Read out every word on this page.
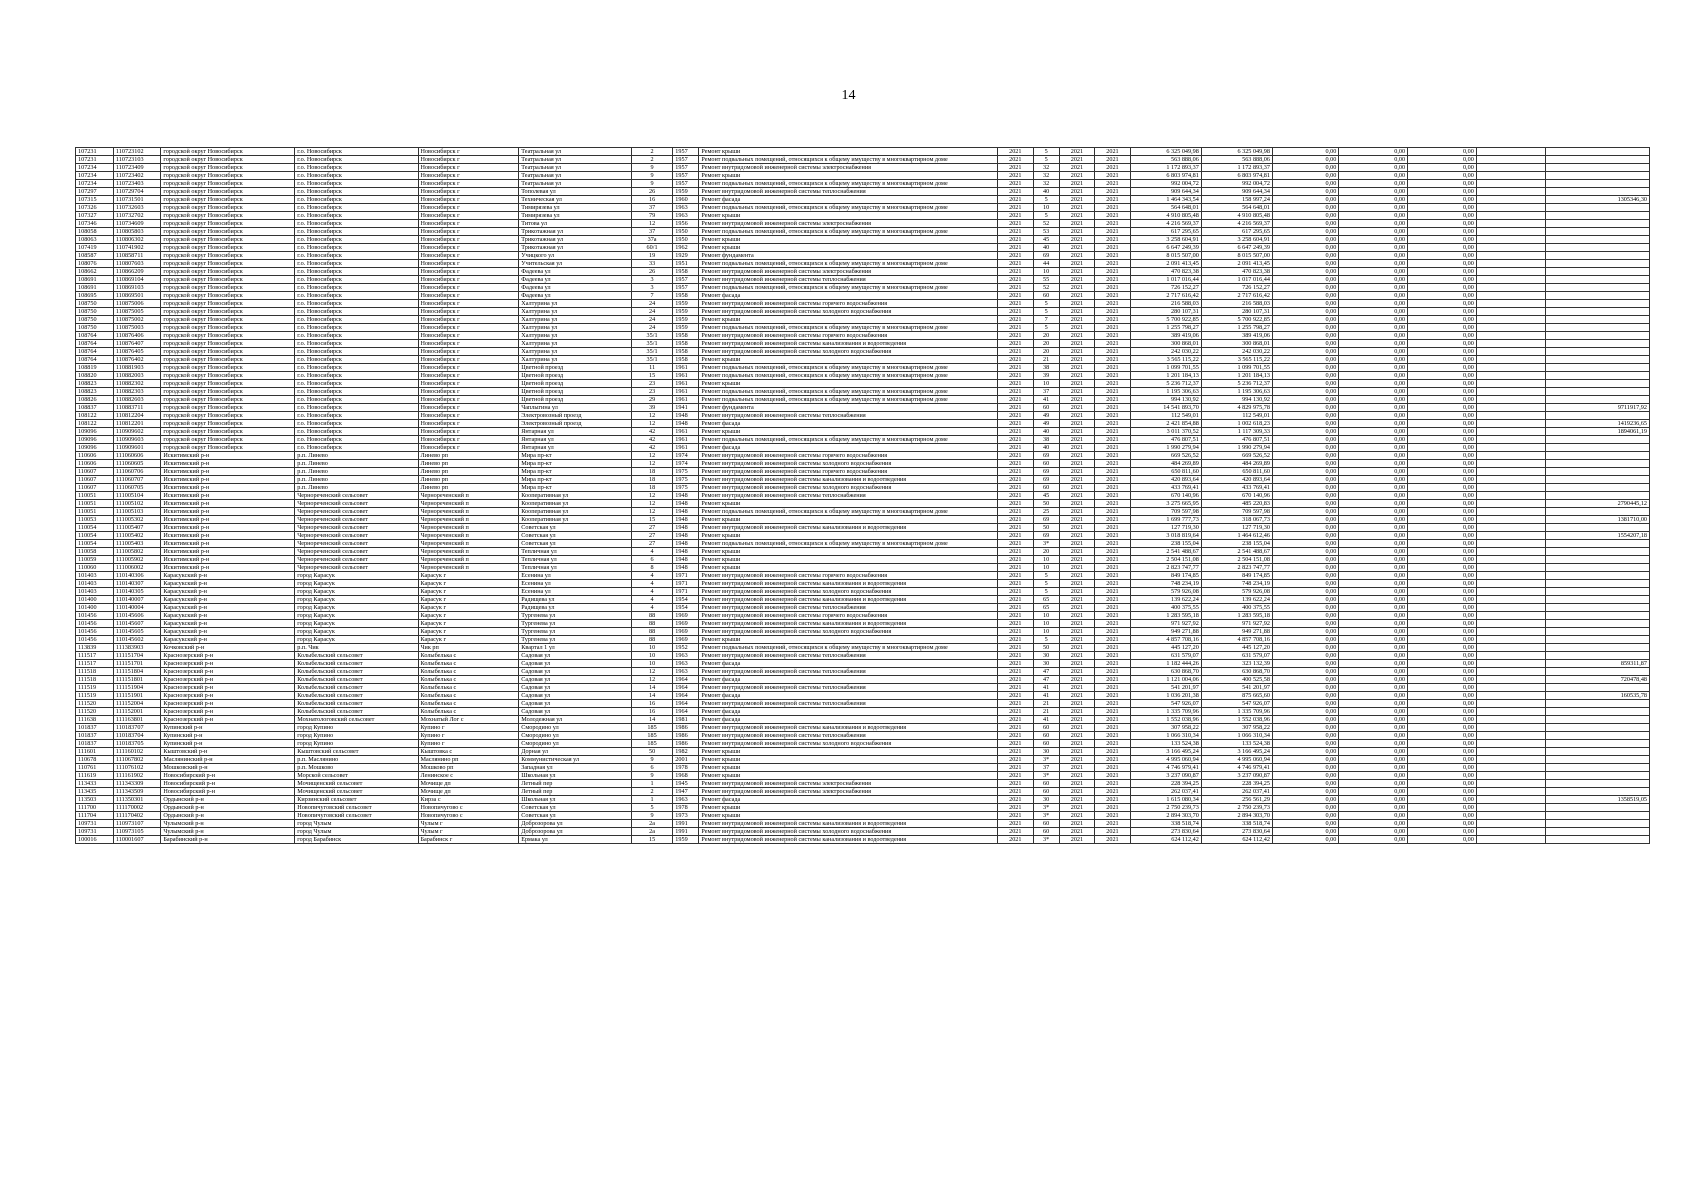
14
107231	110723102	городской округ Новосибирск	г.о. Новосибирск	Новосибирск г	Театральная ул	2	1957	Ремонт крыши	2021	5	2021	2021	6 325 049,98	6 325 049,98	0,00	0,00	0,00		
107231	110723103	городской округ Новосибирск	г.о. Новосибирск	Новосибирск г	Театральная ул	2	1957	Ремонт подвальных помещений, относящихся к общему имуществу в многоквартирном доме	2021	5	2021	2021	563 888,06	563 888,06	0,00	0,00	0,00		
107234	110723409	городской округ Новосибирск	г.о. Новосибирск	Новосибирск г	Театральная ул	9	1957	Ремонт внутридомовой инженерной системы электроснабжения	2021	32	2021	2021	1 172 893,37	1 172 893,37	0,00	0,00	0,00		
107234	110723402	городской округ Новосибирск	г.о. Новосибирск	Новосибирск г	Театральная ул	9	1957	Ремонт крыши	2021	32	2021	2021	6 803 974,81	6 803 974,81	0,00	0,00	0,00		
107234	110723403	городской округ Новосибирск	г.о. Новосибирск	Новосибирск г	Театральная ул	9	1957	Ремонт подвальных помещений, относящихся к общему имуществу в многоквартирном доме	2021	32	2021	2021	992 004,72	992 004,72	0,00	0,00	0,00		
107297	110729704	городской округ Новосибирск	г.о. Новосибирск	Новосибирск г	Тополевая ул	26	1959	Ремонт внутридомовой инженерной системы теплоснабжения	2021	40	2021	2021	909 644,34	909 644,34	0,00	0,00	0,00		
107315	110731501	городской округ Новосибирск	г.о. Новосибирск	Новосибирск г	Техническая ул	16	1960	Ремонт фасада	2021	5	2021	2021	1 464 343,54	158 997,24	0,00	0,00	0,00		1305346,30
107326	110732603	городской округ Новосибирск	г.о. Новосибирск	Новосибирск г	Тимирязева ул	37	1963	Ремонт подвальных помещений, относящихся к общему имуществу в многоквартирном доме	2021	10	2021	2021	564 648,01	564 648,01	0,00	0,00	0,00		
107327	110732702	городской округ Новосибирск	г.о. Новосибирск	Новосибирск г	Тимирязева ул	79	1963	Ремонт крыши	2021	5	2021	2021	4 910 805,48	4 910 805,48	0,00	0,00	0,00		
107346	110734609	городской округ Новосибирск	г.о. Новосибирск	Новосибирск г	Титова ул	12	1956	Ремонт внутридомовой инженерной системы электроснабжения	2021	52	2021	2021	4 216 569,37	4 216 569,37	0,00	0,00	0,00		
108058	110805803	городской округ Новосибирск	г.о. Новосибирск	Новосибирск г	Трикотажная ул	37	1950	Ремонт подвальных помещений, относящихся к общему имуществу в многоквартирном доме	2021	53	2021	2021	617 295,65	617 295,65	0,00	0,00	0,00		
108063	110806302	городской округ Новосибирск	г.о. Новосибирск	Новосибирск г	Трикотажная ул	37а	1950	Ремонт крыши	2021	45	2021	2021	3 258 604,91	3 258 604,91	0,00	0,00	0,00		
107419	110741902	городской округ Новосибирск	г.о. Новосибирск	Новосибирск г	Трикотажная ул	60/1	1962	Ремонт крыши	2021	40	2021	2021	6 647 249,39	6 647 249,39	0,00	0,00	0,00		
108587	110858711	городской округ Новосибирск	г.о. Новосибирск	Новосибирск г	Учицкого ул	19	1929	Ремонт фундамента	2021	69	2021	2021	8 015 507,00	8 015 507,00	0,00	0,00	0,00		
108076	110807603	городской округ Новосибирск	г.о. Новосибирск	Новосибирск г	Учительская ул	33	1951	Ремонт подвальных помещений, относящихся к общему имуществу в многоквартирном доме	2021	44	2021	2021	2 091 413,45	2 091 413,45	0,00	0,00	0,00		
108662	110866209	городской округ Новосибирск	г.о. Новосибирск	Новосибирск г	Фадеева ул	26	1958	Ремонт внутридомовой инженерной системы электроснабжения	2021	10	2021	2021	470 823,38	470 823,38	0,00	0,00	0,00		
108691	110869104	городской округ Новосибирск	г.о. Новосибирск	Новосибирск г	Фадеева ул	3	1957	Ремонт внутридомовой инженерной системы теплоснабжения	2021	55	2021	2021	1 017 016,44	1 017 016,44	0,00	0,00	0,00		
108691	110869103	городской округ Новосибирск	г.о. Новосибирск	Новосибирск г	Фадеева ул	3	1957	Ремонт подвальных помещений, относящихся к общему имуществу в многоквартирном доме	2021	52	2021	2021	726 152,27	726 152,27	0,00	0,00	0,00		
108695	110869501	городской округ Новосибирск	г.о. Новосибирск	Новосибирск г	Фадеева ул	7	1958	Ремонт фасада	2021	60	2021	2021	2 717 616,42	2 717 616,42	0,00	0,00	0,00		
108750	110875006	городской округ Новосибирск	г.о. Новосибирск	Новосибирск г	Халтурина ул	24	1959	Ремонт внутридомовой инженерной системы горячего водоснабжения	2021	5	2021	2021	216 588,03	216 588,03	0,00	0,00	0,00		
108750	110875005	городской округ Новосибирск	г.о. Новосибирск	Новосибирск г	Халтурина ул	24	1959	Ремонт внутридомовой инженерной системы холодного водоснабжения	2021	5	2021	2021	280 107,31	280 107,31	0,00	0,00	0,00		
108750	110875002	городской округ Новосибирск	г.о. Новосибирск	Новосибирск г	Халтурина ул	24	1959	Ремонт крыши	2021	7	2021	2021	5 700 922,85	5 700 922,85	0,00	0,00	0,00		
108750	110875003	городской округ Новосибирск	г.о. Новосибирск	Новосибирск г	Халтурина ул	24	1959	Ремонт подвальных помещений, относящихся к общему имуществу в многоквартирном доме	2021	5	2021	2021	1 255 798,27	1 255 798,27	0,00	0,00	0,00		
108764	110876406	городской округ Новосибирск	г.о. Новосибирск	Новосибирск г	Халтурина ул	35/1	1958	Ремонт внутридомовой инженерной системы горячего водоснабжения	2021	20	2021	2021	389 419,06	389 419,06	0,00	0,00	0,00		
108764	110876407	городской округ Новосибирск	г.о. Новосибирск	Новосибирск г	Халтурина ул	35/1	1958	Ремонт внутридомовой инженерной системы канализования и водоотведения	2021	20	2021	2021	300 868,01	300 868,01	0,00	0,00	0,00		
108764	110876405	городской округ Новосибирск	г.о. Новосибирск	Новосибирск г	Халтурина ул	35/1	1958	Ремонт внутридомовой инженерной системы холодного водоснабжения	2021	20	2021	2021	242 030,22	242 030,22	0,00	0,00	0,00		
108764	110876402	городской округ Новосибирск	г.о. Новосибирск	Новосибирск г	Халтурина ул	35/1	1958	Ремонт крыши	2021	21	2021	2021	3 565 115,22	3 565 115,22	0,00	0,00	0,00		
108819	110881903	городской округ Новосибирск	г.о. Новосибирск	Новосибирск г	Цветной проезд	11	1961	Ремонт подвальных помещений, относящихся к общему имуществу в многоквартирном доме	2021	38	2021	2021	1 099 701,55	1 099 701,55	0,00	0,00	0,00		
108820	110882003	городской округ Новосибирск	г.о. Новосибирск	Новосибирск г	Цветной проезд	15	1961	Ремонт подвальных помещений, относящихся к общему имуществу в многоквартирном доме	2021	39	2021	2021	1 201 184,13	1 201 184,13	0,00	0,00	0,00		
108823	110882302	городской округ Новосибирск	г.о. Новосибирск	Новосибирск г	Цветной проезд	23	1961	Ремонт крыши	2021	10	2021	2021	5 236 712,37	5 236 712,37	0,00	0,00	0,00		
108823	110882303	городской округ Новосибирск	г.о. Новосибирск	Новосибирск г	Цветной проезд	23	1961	Ремонт подвальных помещений, относящихся к общему имуществу в многоквартирном доме	2021	37	2021	2021	1 195 306,63	1 195 306,63	0,00	0,00	0,00		
108826	110882603	городской округ Новосибирск	г.о. Новосибирск	Новосибирск г	Цветной проезд	29	1961	Ремонт подвальных помещений, относящихся к общему имуществу в многоквартирном доме	2021	41	2021	2021	994 130,92	994 130,92	0,00	0,00	0,00		
108837	110883711	городской округ Новосибирск	г.о. Новосибирск	Новосибирск г	Чаплыгина ул	39	1941	Ремонт фундамента	2021	60	2021	2021	14 541 893,70	4 829 975,78	0,00	0,00	0,00		9711917,92
108122	110812204	городской округ Новосибирск	г.о. Новосибирск	Новосибирск г	Электровозный проезд	12	1948	Ремонт внутридомовой инженерной системы теплоснабжения	2021	49	2021	2021	112 549,01	112 549,01	0,00	0,00	0,00		
108122	110812201	городской округ Новосибирск	г.о. Новосибирск	Новосибирск г	Электровозный проезд	12	1948	Ремонт фасада	2021	49	2021	2021	2 421 854,88	1 002 618,23	0,00	0,00	0,00		1419236,65
109096	110909602	городской округ Новосибирск	г.о. Новосибирск	Новосибирск г	Янтарная ул	42	1961	Ремонт крыши	2021	40	2021	2021	3 011 370,52	1 117 309,33	0,00	0,00	0,00		1894061,19
109096	110909603	городской округ Новосибирск	г.о. Новосибирск	Новосибирск г	Янтарная ул	42	1961	Ремонт подвальных помещений, относящихся к общему имуществу в многоквартирном доме	2021	38	2021	2021	476 807,51	476 807,51	0,00	0,00	0,00		
109096	110909601	городской округ Новосибирск	г.о. Новосибирск	Новосибирск г	Янтарная ул	42	1961	Ремонт фасада	2021	40	2021	2021	1 990 279,94	1 990 279,94	0,00	0,00	0,00		
110606	111060606	Искитимский р-н	р.п. Линево	Линево рп	Мира пр-кт	12	1974	Ремонт внутридомовой инженерной системы горячего водоснабжения	2021	69	2021	2021	669 526,52	669 526,52	0,00	0,00	0,00		
110606	111060605	Искитимский р-н	р.п. Линево	Линево рп	Мира пр-кт	12	1974	Ремонт внутридомовой инженерной системы холодного водоснабжения	2021	60	2021	2021	484 269,89	484 269,89	0,00	0,00	0,00		
110607	111060706	Искитимский р-н	р.п. Линево	Линево рп	Мира пр-кт	18	1975	Ремонт внутридомовой инженерной системы горячего водоснабжения	2021	69	2021	2021	650 811,60	650 811,60	0,00	0,00	0,00		
110607	111060707	Искитимский р-н	р.п. Линево	Линево рп	Мира пр-кт	18	1975	Ремонт внутридомовой инженерной системы канализования и водоотведения	2021	69	2021	2021	420 893,64	420 893,64	0,00	0,00	0,00		
110607	111060705	Искитимский р-н	р.п. Линево	Линево рп	Мира пр-кт	18	1975	Ремонт внутридомовой инженерной системы холодного водоснабжения	2021	60	2021	2021	433 769,41	433 769,41	0,00	0,00	0,00		
110051	111005104	Искитимский р-н	Чернореченский сельсовет	Чернореченский п	Кооперативная ул	12	1948	Ремонт внутридомовой инженерной системы теплоснабжения	2021	45	2021	2021	670 140,96	670 140,96	0,00	0,00	0,00		
110051	111005102	Искитимский р-н	Чернореченский сельсовет	Чернореченский п	Кооперативная ул	12	1948	Ремонт крыши	2021	50	2021	2021	3 275 665,95	485 220,83	0,00	0,00	0,00		2790445,12
110051	111005103	Искитимский р-н	Чернореченский сельсовет	Чернореченский п	Кооперативная ул	12	1948	Ремонт подвальных помещений, относящихся к общему имуществу в многоквартирном доме	2021	25	2021	2021	709 597,98	709 597,98	0,00	0,00	0,00		
110053	111005302	Искитимский р-н	Чернореченский сельсовет	Чернореченский п	Кооперативная ул	15	1948	Ремонт крыши	2021	69	2021	2021	1 699 777,73	318 067,73	0,00	0,00	0,00		1381710,00
110054	111005407	Искитимский р-н	Чернореченский сельсовет	Чернореченский п	Советская ул	27	1948	Ремонт внутридомовой инженерной системы канализования и водоотведения	2021	50	2021	2021	127 719,30	127 719,30	0,00	0,00	0,00		
110054	111005402	Искитимский р-н	Чернореченский сельсовет	Чернореченский п	Советская ул	27	1948	Ремонт крыши	2021	69	2021	2021	3 018 819,64	1 464 612,46	0,00	0,00	0,00		1554207,18
110054	111005403	Искитимский р-н	Чернореченский сельсовет	Чернореченский п	Советская ул	27	1948	Ремонт подвальных помещений, относящихся к общему имуществу в многоквартирном доме	2021	3*	2021	2021	238 155,04	238 155,04	0,00	0,00	0,00		
110058	111005802	Искитимский р-н	Чернореченский сельсовет	Чернореченский п	Тепличная ул	4	1948	Ремонт крыши	2021	20	2021	2021	2 541 488,67	2 541 488,67	0,00	0,00	0,00		
110059	111005902	Искитимский р-н	Чернореченский сельсовет	Чернореченский п	Тепличная ул	6	1948	Ремонт крыши	2021	10	2021	2021	2 504 151,08	2 504 151,08	0,00	0,00	0,00		
110060	111006002	Искитимский р-н	Чернореченский сельсовет	Чернореченский п	Тепличная ул	8	1948	Ремонт крыши	2021	10	2021	2021	2 823 747,77	2 823 747,77	0,00	0,00	0,00		
101403	110140306	Карасукский р-н	город Карасук	Карасук г	Есенина ул	4	1971	Ремонт внутридомовой инженерной системы горячего водоснабжения	2021	5	2021	2021	849 174,85	849 174,85	0,00	0,00	0,00		
101403	110140307	Карасукский р-н	город Карасук	Карасук г	Есенина ул	4	1971	Ремонт внутридомовой инженерной системы канализования и водоотведения	2021	5	2021	2021	748 234,19	748 234,19	0,00	0,00	0,00		
101403	110140305	Карасукский р-н	город Карасук	Карасук г	Есенина ул	4	1971	Ремонт внутридомовой инженерной системы холодного водоснабжения	2021	5	2021	2021	579 926,08	579 926,08	0,00	0,00	0,00		
101400	110140007	Карасукский р-н	город Карасук	Карасук г	Радищева ул	4	1954	Ремонт внутридомовой инженерной системы канализования и водоотведения	2021	65	2021	2021	139 622,24	139 622,24	0,00	0,00	0,00		
101400	110140004	Карасукский р-н	город Карасук	Карасук г	Радищева ул	4	1954	Ремонт внутридомовой инженерной системы теплоснабжения	2021	65	2021	2021	400 375,55	400 375,55	0,00	0,00	0,00		
101456	110145606	Карасукский р-н	город Карасук	Карасук г	Тургенева ул	88	1969	Ремонт внутридомовой инженерной системы горячего водоснабжения	2021	10	2021	2021	1 283 595,18	1 283 595,18	0,00	0,00	0,00		
101456	110145607	Карасукский р-н	город Карасук	Карасук г	Тургенева ул	88	1969	Ремонт внутридомовой инженерной системы канализования и водоотведения	2021	10	2021	2021	971 927,92	971 927,92	0,00	0,00	0,00		
101456	110145605	Карасукский р-н	город Карасук	Карасук г	Тургенева ул	88	1969	Ремонт внутридомовой инженерной системы холодного водоснабжения	2021	10	2021	2021	949 271,88	949 271,88	0,00	0,00	0,00		
101456	110145602	Карасукский р-н	город Карасук	Карасук г	Тургенева ул	88	1969	Ремонт крыши	2021	5	2021	2021	4 857 708,16	4 857 708,16	0,00	0,00	0,00		
113839	111383903	Кочковский р-н	р.п. Чик	Чик рп	Квартал 1 ул	10	1952	Ремонт подвальных помещений, относящихся к общему имуществу в многоквартирном доме	2021	50	2021	2021	445 127,20	445 127,20	0,00	0,00	0,00		
111517	111151704	Краснозерский р-н	Колыбельский сельсовет	Колыбелька с	Садовая ул	10	1963	Ремонт внутридомовой инженерной системы теплоснабжения	2021	30	2021	2021	631 579,07	631 579,07	0,00	0,00	0,00		
111517	111151701	Краснозерский р-н	Колыбельский сельсовет	Колыбелька с	Садовая ул	10	1963	Ремонт фасада	2021	30	2021	2021	1 182 444,26	323 132,39	0,00	0,00	0,00		859311,87
111518	111151804	Краснозерский р-н	Колыбельский сельсовет	Колыбелька с	Садовая ул	12	1963	Ремонт внутридомовой инженерной системы теплоснабжения	2021	47	2021	2021	630 868,70	630 868,70	0,00	0,00	0,00		
111518	111151801	Краснозерский р-н	Колыбельский сельсовет	Колыбелька с	Садовая ул	12	1964	Ремонт фасада	2021	47	2021	2021	1 121 004,06	400 525,58	0,00	0,00	0,00		720478,48
111519	111151904	Краснозерский р-н	Колыбельский сельсовет	Колыбелька с	Садовая ул	14	1964	Ремонт внутридомовой инженерной системы теплоснабжения	2021	41	2021	2021	541 201,97	541 201,97	0,00	0,00	0,00		
111519	111151901	Краснозерский р-н	Колыбельский сельсовет	Колыбелька с	Садовая ул	14	1964	Ремонт фасада	2021	41	2021	2021	1 036 201,38	875 665,60	0,00	0,00	0,00		160535,78
111520	111152004	Краснозерский р-н	Колыбельский сельсовет	Колыбелька с	Садовая ул	16	1964	Ремонт внутридомовой инженерной системы теплоснабжения	2021	21	2021	2021	547 926,07	547 926,07	0,00	0,00	0,00		
111520	111152001	Краснозерский р-н	Колыбельский сельсовет	Колыбелька с	Садовая ул	16	1964	Ремонт фасада	2021	21	2021	2021	1 335 709,96	1 335 709,96	0,00	0,00	0,00		
111638	111163801	Краснозерский р-н	Мохнатологовский сельсовет	Мохнатый Лог с	Молодежная ул	14	1981	Ремонт фасада	2021	41	2021	2021	1 552 038,96	1 552 038,96	0,00	0,00	0,00		
101837	110183707	Купинский р-н	город Купино	Купино г	Смородино ул	185	1986	Ремонт внутридомовой инженерной системы канализования и водоотведения	2021	60	2021	2021	307 958,22	307 958,22	0,00	0,00	0,00		
101837	110183704	Купинский р-н	город Купино	Купино г	Смородино ул	185	1986	Ремонт внутридомовой инженерной системы теплоснабжения	2021	60	2021	2021	1 066 310,34	1 066 310,34	0,00	0,00	0,00		
101837	110183705	Купинский р-н	город Купино	Купино г	Смородино ул	185	1986	Ремонт внутридомовой инженерной системы холодного водоснабжения	2021	60	2021	2021	133 524,38	133 524,38	0,00	0,00	0,00		
111601	111160102	Кыштовский р-н	Кыштовский сельсовет	Кыштовка с	Дорная ул	50	1982	Ремонт крыши	2021	30	2021	2021	3 166 495,24	3 166 495,24	0,00	0,00	0,00		
110678	111067802	Маслянинский р-н	р.п. Маслянино	Маслянино рп	Коммунистическая ул	9	2001	Ремонт крыши	2021	3*	2021	2021	4 995 060,94	4 995 060,94	0,00	0,00	0,00		
110761	111076102	Мошковский р-н	р.п. Мошково	Мошково рп	Западная ул	6	1978	Ремонт крыши	2021	37	2021	2021	4 746 979,41	4 746 979,41	0,00	0,00	0,00		
111619	111161902	Новосибирский р-н	Морской сельсовет	Ленинское с	Школьная ул	9	1968	Ремонт крыши	2021	3*	2021	2021	3 237 090,87	3 237 090,87	0,00	0,00	0,00		
113433	111343309	Новосибирский р-н	Мочищенский сельсовет	Мочище дп	Летный пер	1	1945	Ремонт внутридомовой инженерной системы электроснабжения	2021	60	2021	2021	228 394,25	228 394,25	0,00	0,00	0,00		
113435	111343509	Новосибирский р-н	Мочищенский сельсовет	Мочище дп	Летный пер	2	1947	Ремонт внутридомовой инженерной системы электроснабжения	2021	60	2021	2021	262 037,41	262 037,41	0,00	0,00	0,00		
113503	111350301	Ордынский р-н	Кирзинский сельсовет	Кирза с	Школьная ул	1	1963	Ремонт фасада	2021	30	2021	2021	1 615 080,34	256 561,29	0,00	0,00	0,00		1358519,05
111700	111170002	Ордынский р-н	Новопичуговский сельсовет	Новопичугово с	Советская ул	5	1978	Ремонт крыши	2021	3*	2021	2021	2 750 239,73	2 750 239,73	0,00	0,00	0,00		
111704	111170402	Ордынский р-н	Новопичуговский сельсовет	Новопичугово с	Советская ул	9	1973	Ремонт крыши	2021	3*	2021	2021	2 894 303,70	2 894 303,70	0,00	0,00	0,00		
109731	110973107	Чулымский р-н	город Чулым	Чулым г	Доброзорова ул	2а	1991	Ремонт внутридомовой инженерной системы канализования и водоотведения	2021	60	2021	2021	338 518,74	338 518,74	0,00	0,00	0,00		
109731	110973105	Чулымский р-н	город Чулым	Чулым г	Доброзорова ул	2а	1991	Ремонт внутридомовой инженерной системы холодного водоснабжения	2021	60	2021	2021	273 830,64	273 830,64	0,00	0,00	0,00		
100016	110001607	Барабинский р-н	город Барабинск	Барабинск г	Ермака ул	15	1959	Ремонт внутридомовой инженерной системы канализования и водоотведения	2021	3*	2021	2021	624 112,42	624 112,42	0,00	0,00	0,00		
